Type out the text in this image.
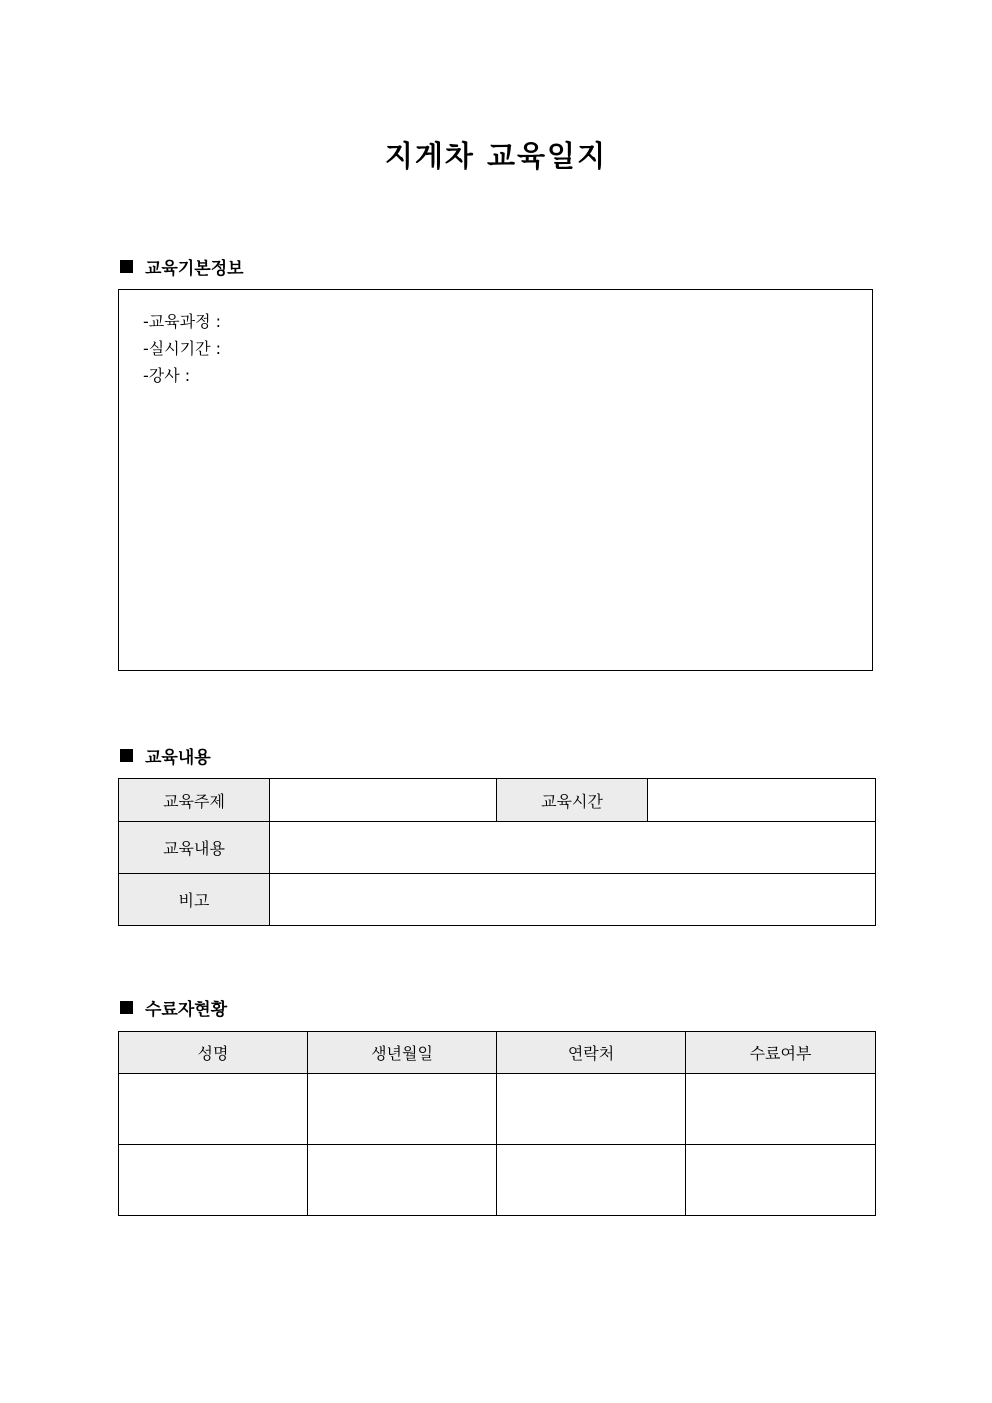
지게차 교육일지
교육기본정보
-교육과정 :
-실시기간 :
-강사 :
교육내용
교육주제		교육시간	
교육내용			
비고			
수료자현황
성명	생년월일	연락처	수료여부
